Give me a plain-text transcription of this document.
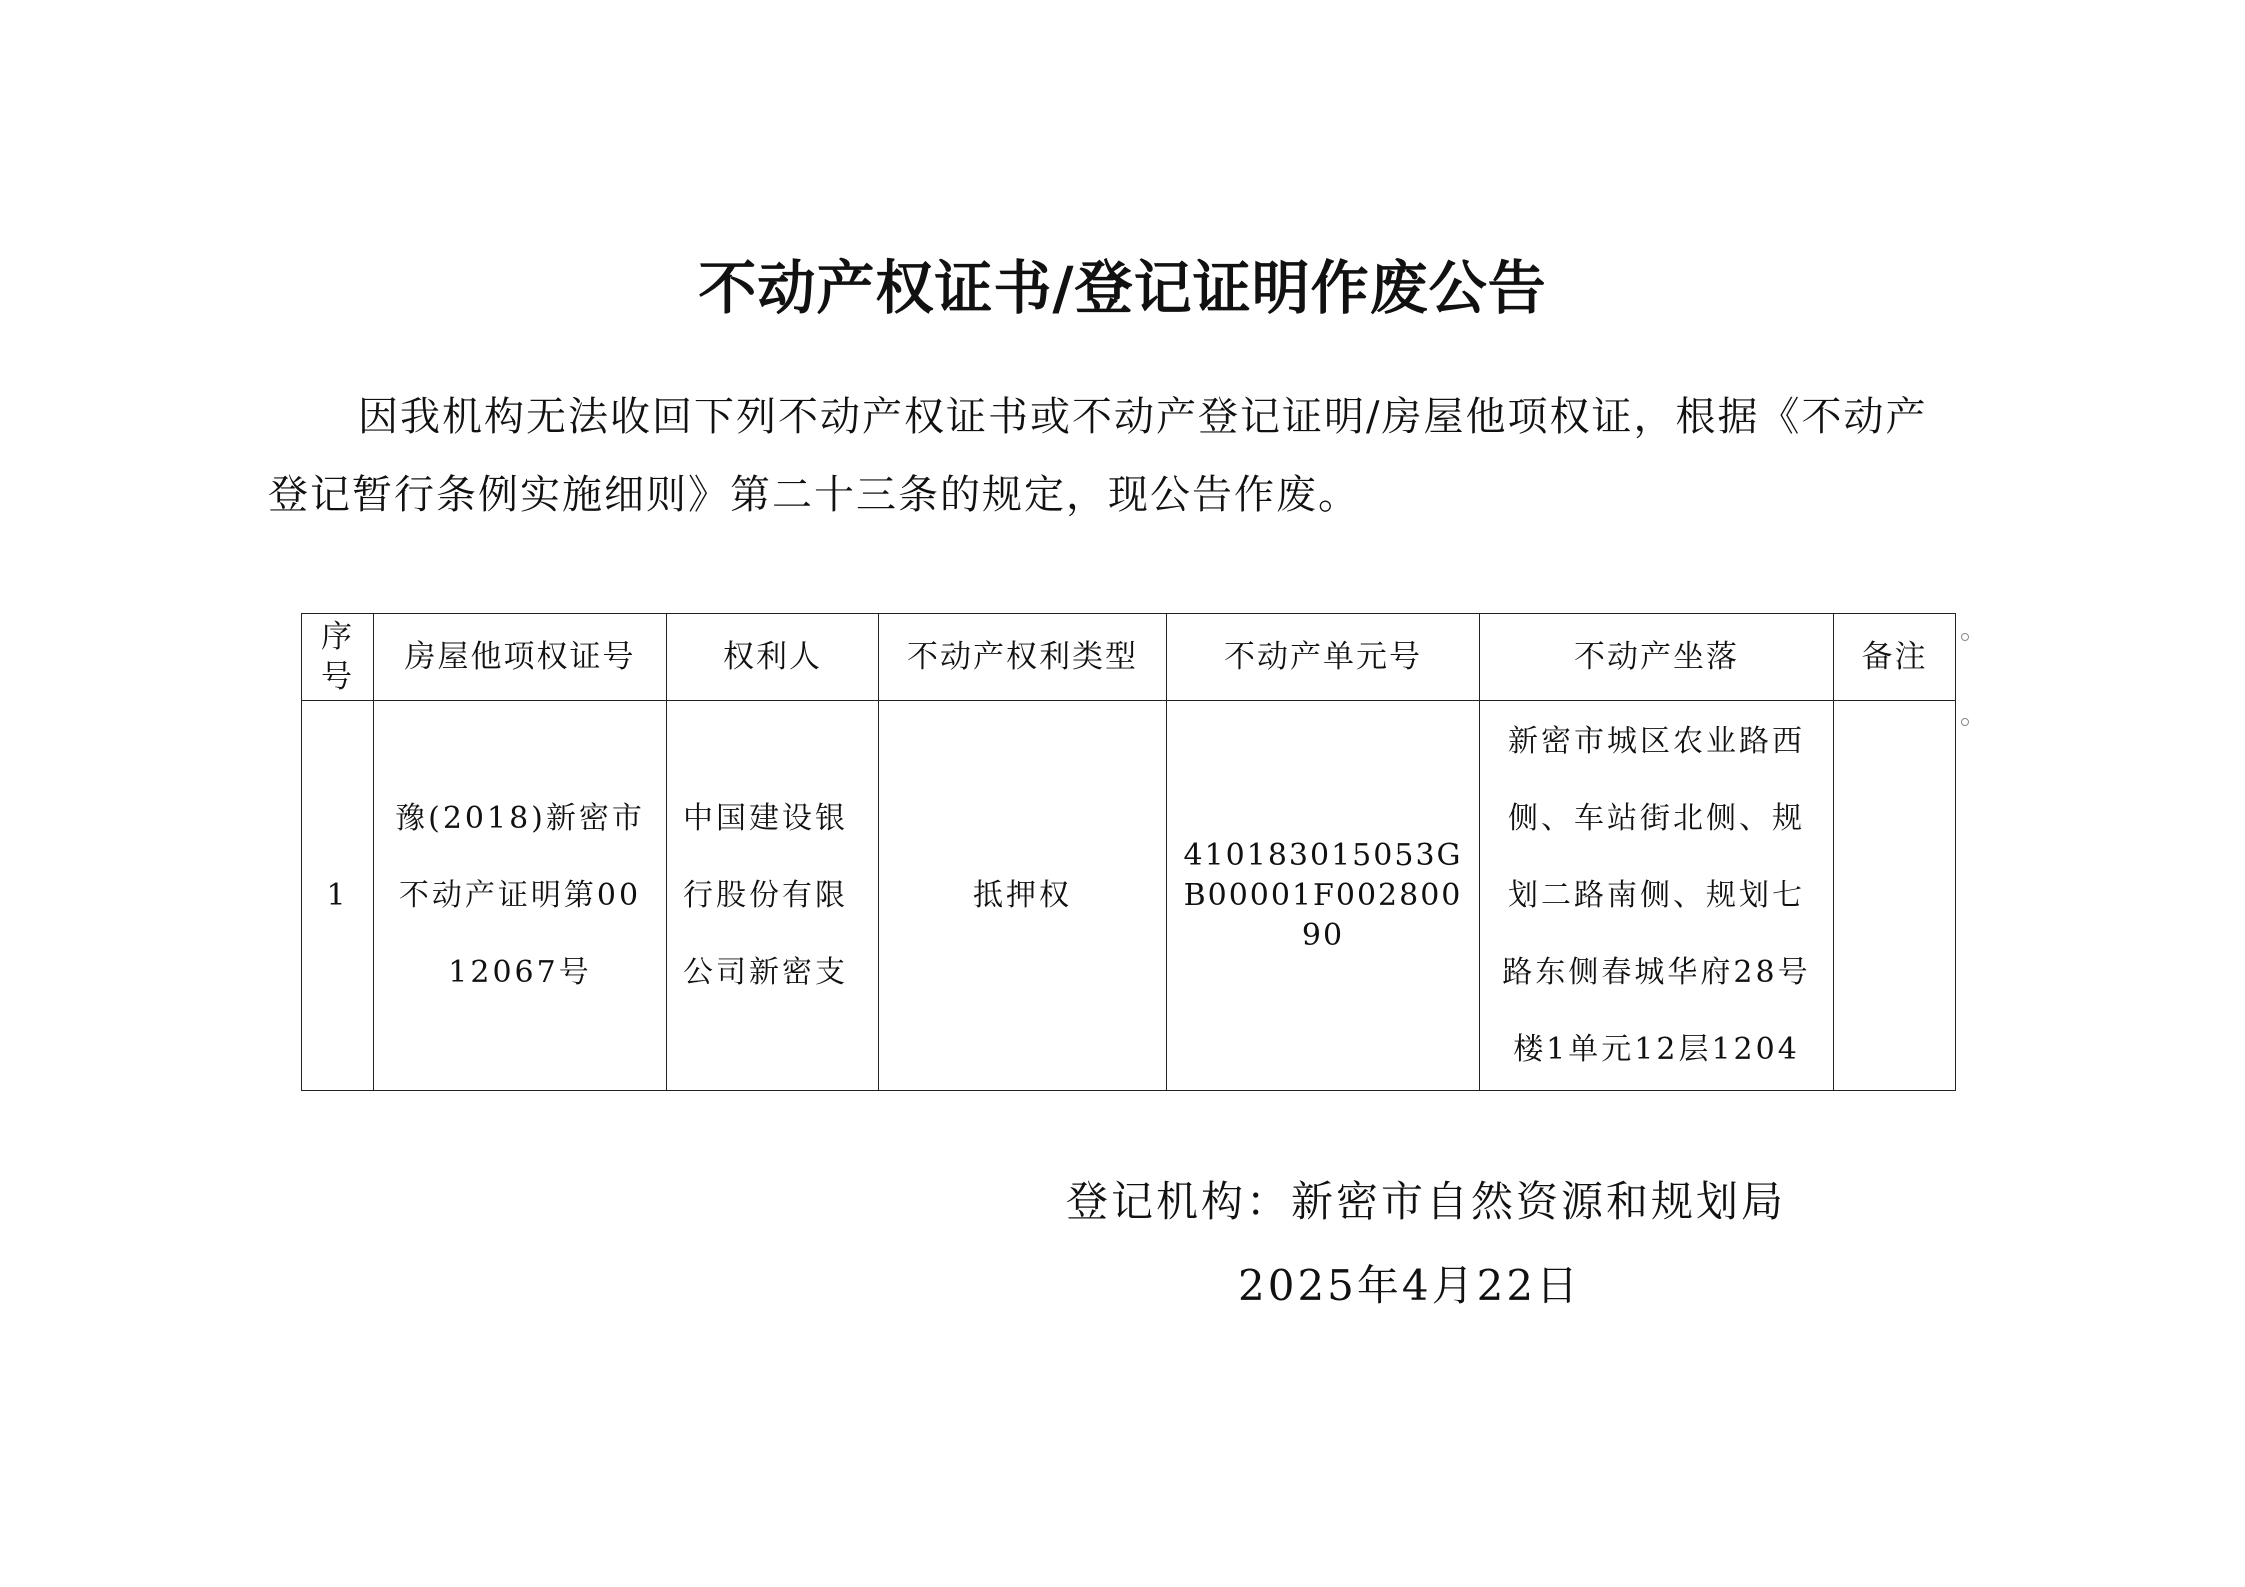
不动产权证书/登记证明作废公告

因我机构无法收回下列不动产权证书或不动产登记证明/房屋他项权证，根据《不动产登记暂行条例实施细则》第二十三条的规定，现公告作废。

序号	房屋他项权证号	权利人	不动产权利类型	不动产单元号	不动产坐落	备注
1	豫(2018)新密市不动产证明第0012067号	中国建设银行股份有限公司新密支	抵押权	410183015053GB00001F00280090	新密市城区农业路西侧、车站街北侧、规划二路南侧、规划七路东侧春城华府28号楼1单元12层1204	

登记机构：新密市自然资源和规划局
2025年4月22日
